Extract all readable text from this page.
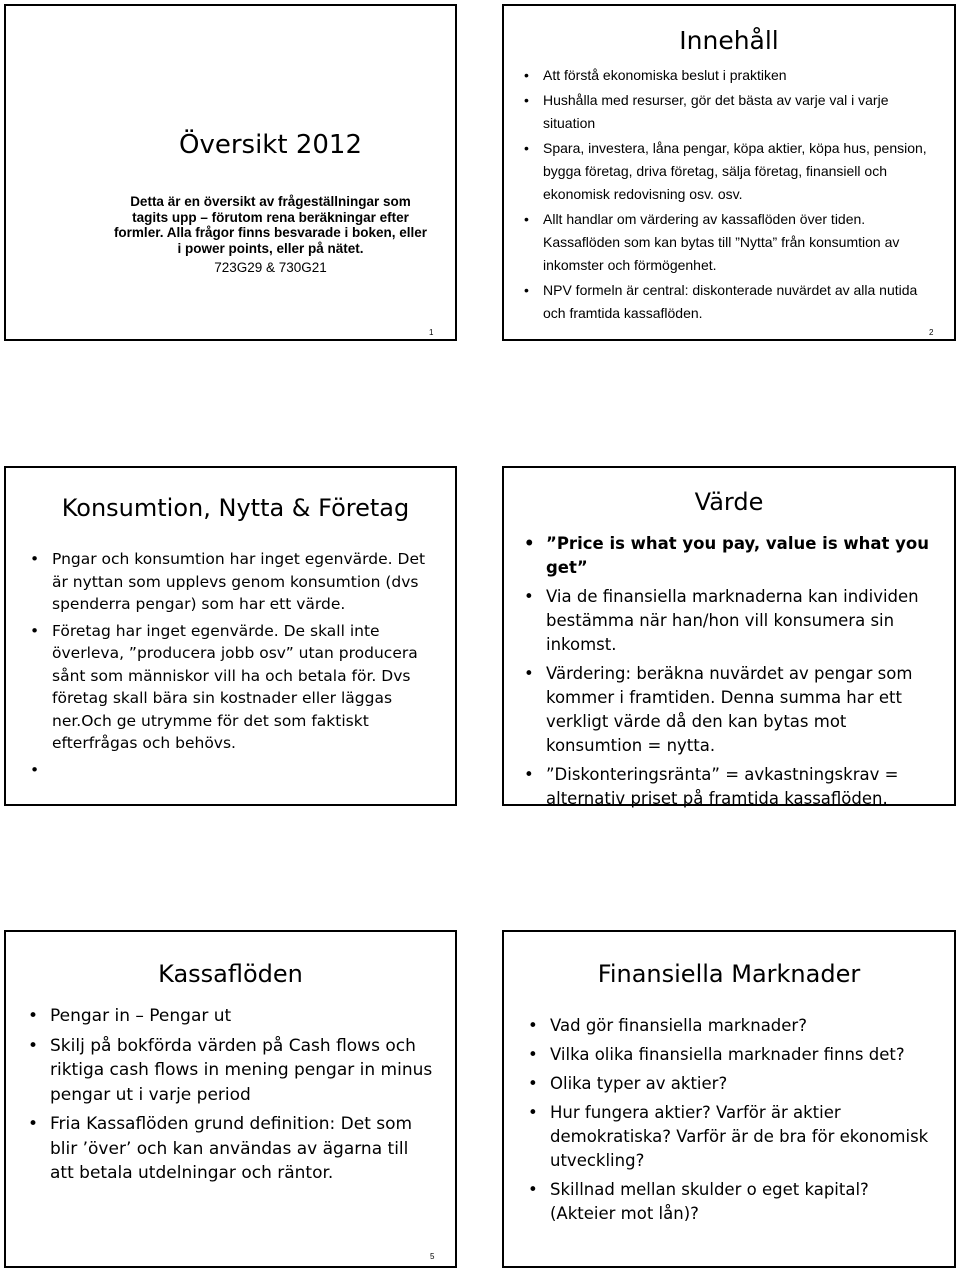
Översikt 2012
Detta är en översikt av frågeställningar som
tagits upp – förutom rena beräkningar efter
formler. Alla frågor finns besvarade i boken, eller
i power points, eller på nätet.
723G29 & 730G21
1
Innehåll
• Att förstå ekonomiska beslut i praktiken
• Hushålla med resurser, gör det bästa av varje val i varje situation
• Spara, investera, låna pengar, köpa aktier, köpa hus, pension, bygga företag, driva företag, sälja företag, finansiell och ekonomisk redovisning osv. osv.
• Allt handlar om värdering av kassaflöden över tiden. Kassaflöden som kan bytas till ”Nytta” från konsumtion av inkomster och förmögenhet.
• NPV formeln är central: diskonterade nuvärdet av alla nutida och framtida kassaflöden.
2
Konsumtion, Nytta & Företag
• Pngar och konsumtion har inget egenvärde. Det är nyttan som upplevs genom konsumtion (dvs spenderra pengar) som har ett värde.
• Företag har inget egenvärde. De skall inte överleva, ”producera jobb osv” utan producera sånt som människor vill ha och betala för. Dvs företag skall bära sin kostnader eller läggas ner.Och ge utrymme för det som faktiskt efterfrågas och behövs.
•
Värde
• ”Price is what you pay, value is what you get”
• Via de finansiella marknaderna kan individen bestämma när han/hon vill konsumera sin inkomst.
• Värdering: beräkna nuvärdet av pengar som kommer i framtiden. Denna summa har ett verkligt värde då den kan bytas mot konsumtion = nytta.
• ”Diskonteringsränta” = avkastningskrav = alternativ priset på framtida kassaflöden.
Kassaflöden
• Pengar in – Pengar ut
• Skilj på bokförda värden på Cash flows och riktiga cash flows in mening pengar in minus pengar ut i varje period
• Fria Kassaflöden grund definition: Det som blir ’över’ och kan användas av ägarna till att betala utdelningar och räntor.
5
Finansiella Marknader
• Vad gör finansiella marknader?
• Vilka olika finansiella marknader finns det?
• Olika typer av aktier?
• Hur fungera aktier? Varför är aktier demokratiska? Varför är de bra för ekonomisk utveckling?
• Skillnad mellan skulder o eget kapital? (Akteier mot lån)?
